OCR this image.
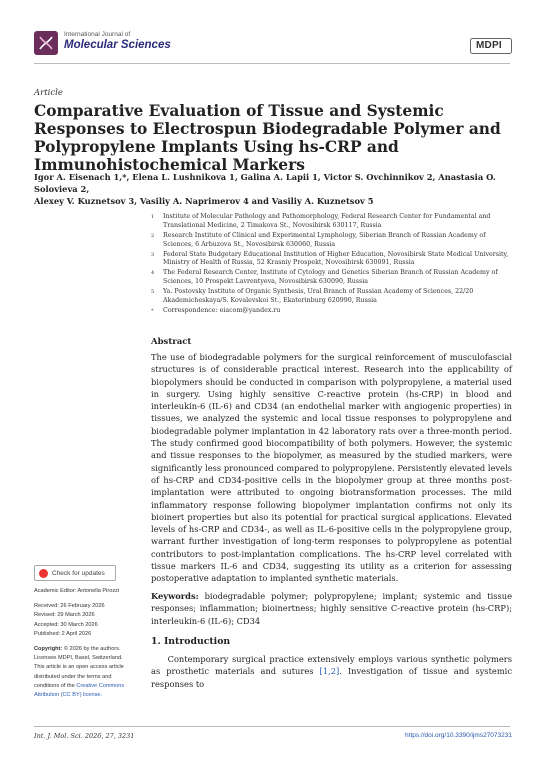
International Journal of
Molecular Sciences	MDPI
Article
Comparative Evaluation of Tissue and Systemic Responses to Electrospun Biodegradable Polymer and Polypropylene Implants Using hs-CRP and Immunohistochemical Markers
Igor A. Eisenach 1,*, Elena L. Lushnikova 1, Galina A. Lapii 1, Victor S. Ovchinnikov 2, Anastasia O. Solovieva 2,
Alexey V. Kuznetsov 3, Vasiliy A. Naprimerov 4 and Vasiliy A. Kuznetsov 5
1	Institute of Molecular Pathology and Pathomorphology, Federal Research Center for Fundamental and Translational Medicine, 2 Timakova St., Novosibirsk 630117, Russia
2	Research Institute of Clinical and Experimental Lymphology, Siberian Branch of Russian Academy of Sciences, 6 Arbuzova St., Novosibirsk 630060, Russia
3	Federal State Budgetary Educational Institution of Higher Education, Novosibirsk State Medical University, Ministry of Health of Russia, 52 Krasniy Prospekt, Novosibirsk 630091, Russia
4	The Federal Research Center, Institute of Cytology and Genetics Siberian Branch of Russian Academy of Sciences, 10 Prospekt Lavrentyeva, Novosibirsk 630090, Russia
5	Ya. Postovsky Institute of Organic Synthesis, Ural Branch of Russian Academy of Sciences, 22/20 Akademicheskaya/S. Kovalevskoi St., Ekaterinburg 620990, Russia
*	Correspondence: eiacom@yandex.ru
Abstract
The use of biodegradable polymers for the surgical reinforcement of musculofascial structures is of considerable practical interest. Research into the applicability of biopolymers should be conducted in comparison with polypropylene, a material used in surgery. Using highly sensitive C-reactive protein (hs-CRP) in blood and interleukin-6 (IL-6) and CD34 (an endothelial marker with angiogenic properties) in tissues, we analyzed the systemic and local tissue responses to polypropylene and biodegradable polymer implantation in 42 laboratory rats over a three-month period. The study confirmed good biocompatibility of both polymers. However, the systemic and tissue responses to the biopolymer, as measured by the studied markers, were significantly less pronounced compared to polypropylene. Persistently elevated levels of hs-CRP and CD34-positive cells in the biopolymer group at three months post-implantation were attributed to ongoing biotransformation processes. The mild inflammatory response following biopolymer implantation confirms not only its bioinert properties but also its potential for practical surgical applications. Elevated levels of hs-CRP and CD34-, as well as IL-6-positive cells in the polypropylene group, warrant further investigation of long-term responses to polypropylene as potential contributors to post-implantation complications. The hs-CRP level correlated with tissue markers IL-6 and CD34, suggesting its utility as a criterion for assessing postoperative adaptation to implanted synthetic materials.
Keywords: biodegradable polymer; polypropylene; implant; systemic and tissue responses; inflammation; bioinertness; highly sensitive C-reactive protein (hs-CRP); interleukin-6 (IL-6); CD34
Check for updates
Academic Editor: Antonella Pirozzi
Received: 26 February 2026
Revised: 29 March 2026
Accepted: 30 March 2026
Published: 2 April 2026
Copyright: © 2026 by the authors. Licensee MDPI, Basel, Switzerland. This article is an open access article distributed under the terms and conditions of the Creative Commons Attribution (CC BY) license.
1. Introduction
  Contemporary surgical practice extensively employs various synthetic polymers as prosthetic materials and sutures [1,2]. Investigation of tissue and systemic responses to
Int. J. Mol. Sci. 2026, 27, 3231	https://doi.org/10.3390/ijms27073231
